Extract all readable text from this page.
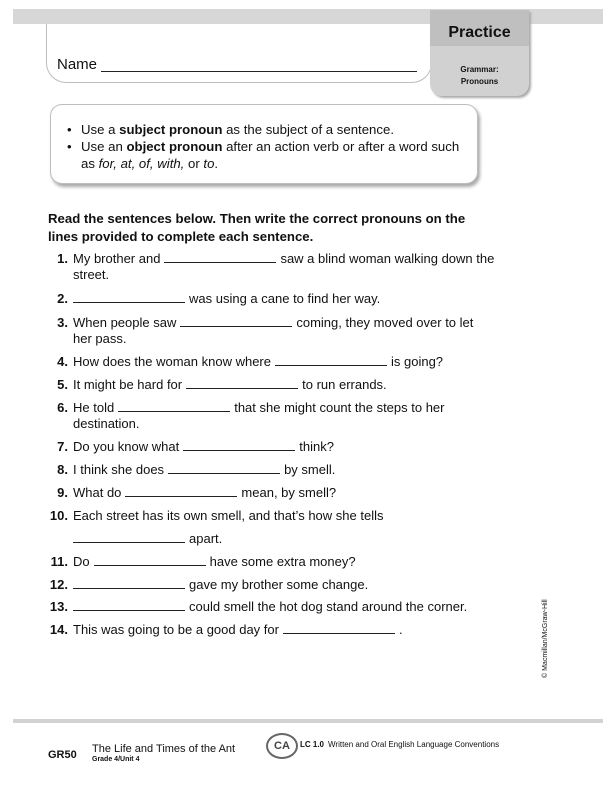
Name
Practice
Grammar:
Pronouns
• Use a subject pronoun as the subject of a sentence.
• Use an object pronoun after an action verb or after a word such as for, at, of, with, or to.
Read the sentences below. Then write the correct pronouns on the lines provided to complete each sentence.
1. My brother and	saw a blind woman walking down the
street.
2.	was using a cane to find her way.
3. When people saw	coming, they moved over to let
her pass.
4. How does the woman know where	is going?
5. It might be hard for	to run errands.
6. He told	that she might count the steps to her
destination.
7. Do you know what	think?
8. I think she does	by smell.
9. What do	mean, by smell?
10. Each street has its own smell, and that’s how she tells
apart.
11. Do	have some extra money?
12.	gave my brother some change.
13.	could smell the hot dog stand around the corner.
14. This was going to be a good day for	.	© Macmillan/McGraw-Hill
GR50 The Life and Times of the Ant
Grade 4/Unit 4
CA	LC 1.0 Written and Oral English Language Conventions
